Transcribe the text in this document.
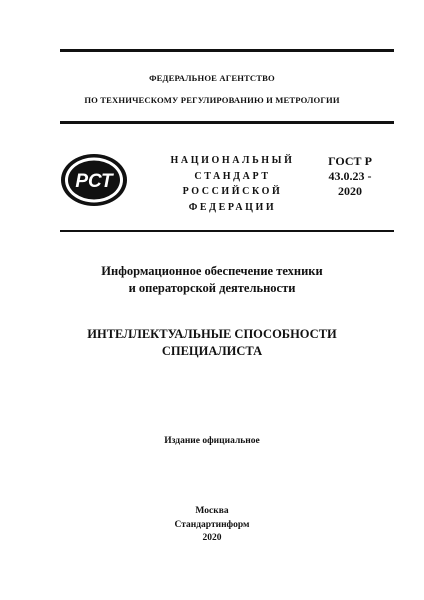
ФЕДЕРАЛЬНОЕ АГЕНТСТВО
ПО ТЕХНИЧЕСКОМУ РЕГУЛИРОВАНИЮ И МЕТРОЛОГИИ
РСТ
НАЦИОНАЛЬНЫЙ
СТАНДАРТ
РОССИЙСКОЙ
ФЕДЕРАЦИИ
ГОСТ Р
43.0.23 -
2020
Информационное обеспечение техники
и операторской деятельности
ИНТЕЛЛЕКТУАЛЬНЫЕ СПОСОБНОСТИ
СПЕЦИАЛИСТА
Издание официальное
Москва
Стандартинформ
2020
